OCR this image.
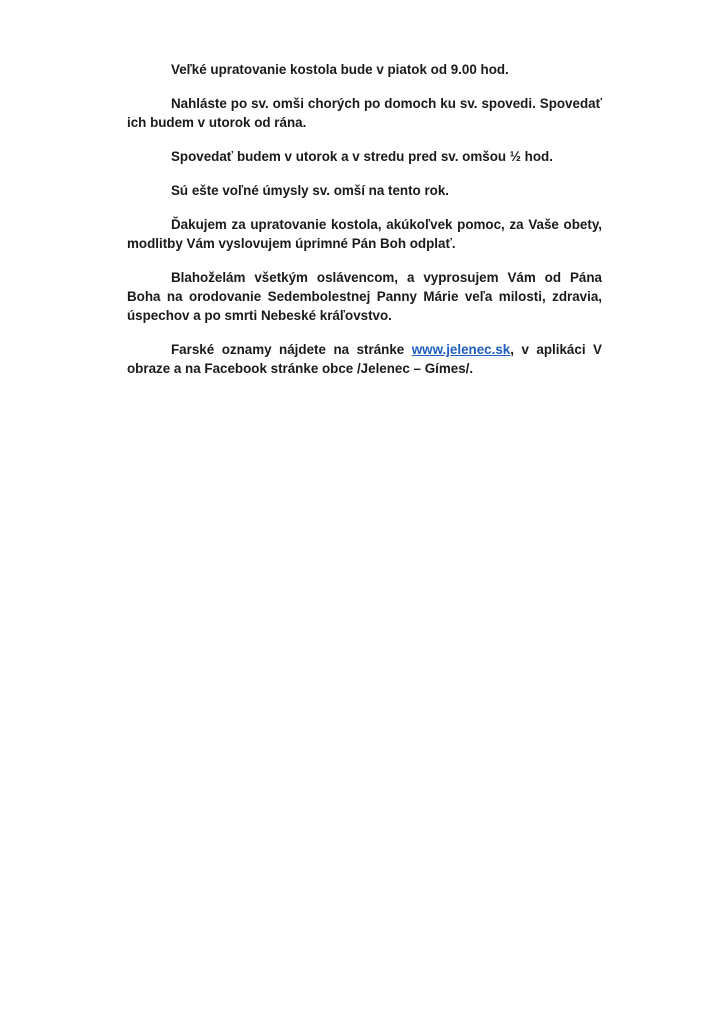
Veľké upratovanie kostola bude v piatok od 9.00 hod.

Nahláste po sv. omši chorých po domoch ku sv. spovedi. Spovedať ich budem v utorok od rána.

Spovedať budem v utorok a v stredu pred sv. omšou ½ hod.

Sú ešte voľné úmysly sv. omší na tento rok.

Ďakujem za upratovanie kostola, akúkoľvek pomoc, za Vaše obety, modlitby Vám vyslovujem úprimné Pán Boh odplať.

Blahoželám všetkým oslávencom, a vyprosujem Vám od Pána Boha na orodovanie Sedembolestnej Panny Márie veľa milosti, zdravia, úspechov a po smrti Nebeské kráľovstvo.

Farské oznamy nájdete na stránke www.jelenec.sk, v aplikáci V obraze a na Facebook stránke obce /Jelenec – Gímes/.
